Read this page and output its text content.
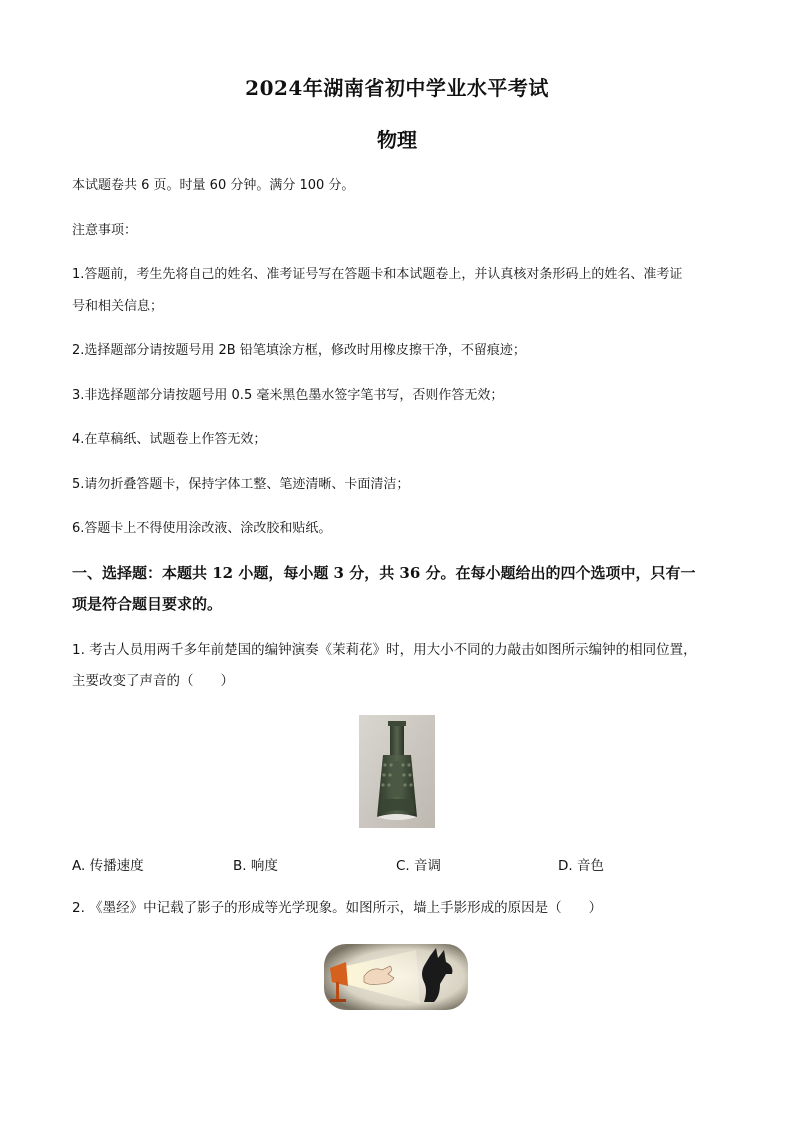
2024年湖南省初中学业水平考试
物理
本试题卷共 6 页。时量 60 分钟。满分 100 分。
注意事项：
1.答题前，考生先将自己的姓名、准考证号写在答题卡和本试题卷上，并认真核对条形码上的姓名、准考证
号和相关信息；
2.选择题部分请按题号用 2B 铅笔填涂方框，修改时用橡皮擦干净，不留痕迹；
3.非选择题部分请按题号用 0.5 毫米黑色墨水签字笔书写，否则作答无效；
4.在草稿纸、试题卷上作答无效；
5.请勿折叠答题卡，保持字体工整、笔迹清晰、卡面清洁；
6.答题卡上不得使用涂改液、涂改胶和贴纸。
一、选择题：本题共 12 小题，每小题 3 分，共 36 分。在每小题给出的四个选项中，只有一
项是符合题目要求的。
1. 考古人员用两千多年前楚国的编钟演奏《茉莉花》时，用大小不同的力敲击如图所示编钟的相同位置，
主要改变了声音的（　　）
A. 传播速度	B. 响度	C. 音调	D. 音色
2. 《墨经》中记载了影子的形成等光学现象。如图所示，墙上手影形成的原因是（　　）
